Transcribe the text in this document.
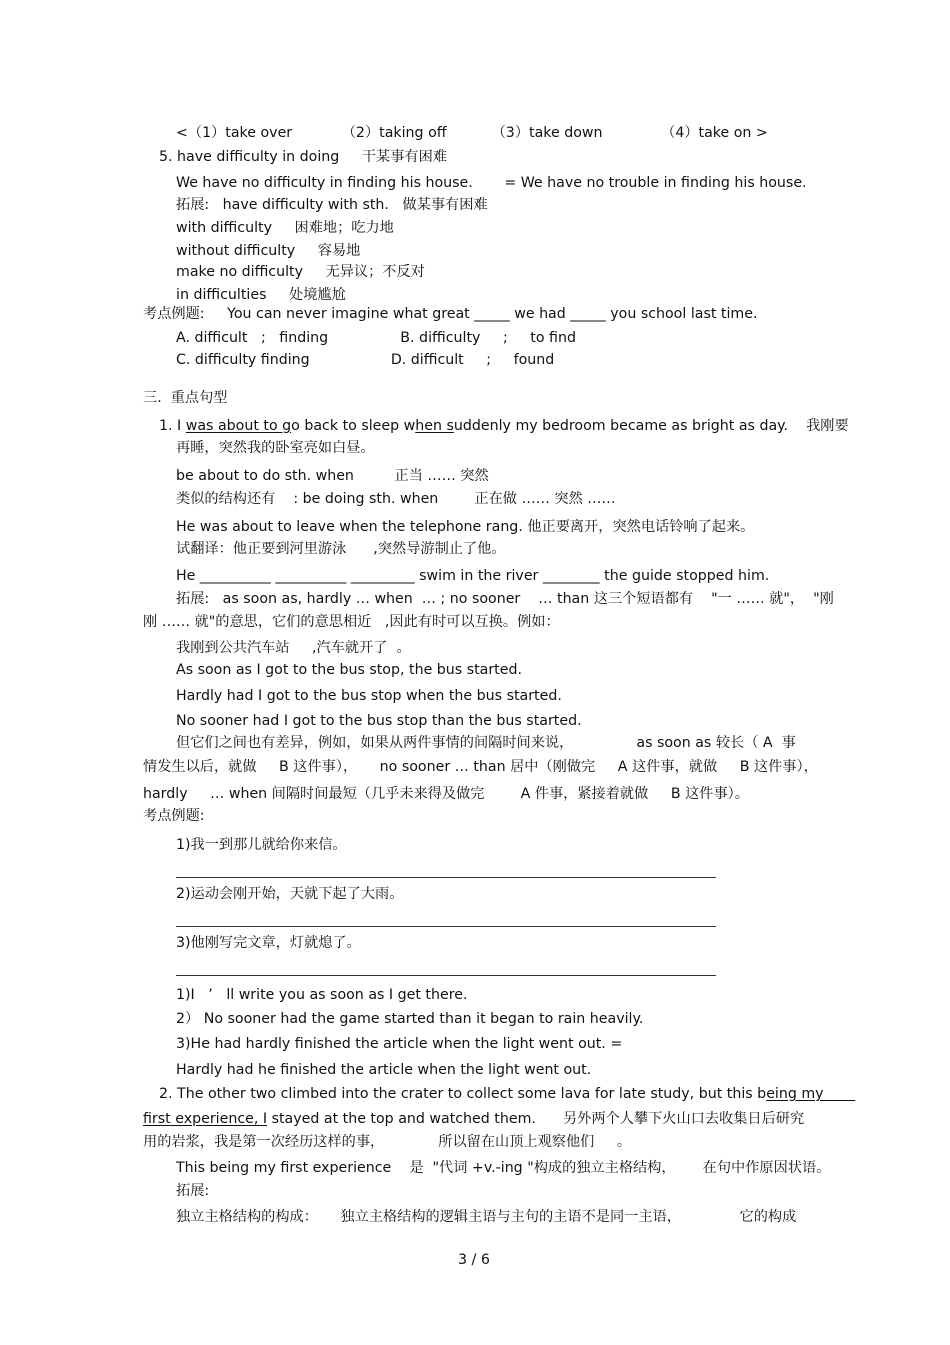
<（1）take over           （2）taking off          （3）take down             （4）take on >
5. have difficulty in doing     干某事有困难
We have no difficulty in finding his house.       = We have no trouble in finding his house.
拓展:   have difficulty with sth.   做某事有困难
with difficulty     困难地；吃力地
without difficulty     容易地
make no difficulty     无异议；不反对
in difficulties     处境尴尬
考点例题:     You can never imagine what great _____ we had _____ you school last time.
A. difficult   ;   finding                B. difficulty     ;     to find
C. difficulty finding                  D. difficult     ;     found
三.  重点句型
1. I was about to go back to sleep when suddenly my bedroom became as bright as day.    我刚要
再睡，突然我的卧室亮如白昼。
be about to do sth. when         正当 …… 突然
类似的结构还有    : be doing sth. when        正在做 …… 突然 ……
He was about to leave when the telephone rang. 他正要离开，突然电话铃响了起来。
试翻译：他正要到河里游泳      ,突然导游制止了他。
He __________ __________ _________ swim in the river ________ the guide stopped him.
拓展:   as soon as, hardly … when  … ; no sooner    … than 这三个短语都有    "一 …… 就"，  "刚
刚 …… 就"的意思，它们的意思相近   ,因此有时可以互换。例如：
我刚到公共汽车站     ,汽车就开了  。
As soon as I got to the bus stop, the bus started.
Hardly had I got to the bus stop when the bus started.
No sooner had I got to the bus stop than the bus started.
但它们之间也有差异，例如，如果从两件事情的间隔时间来说，              as soon as 较长（ A  事
情发生以后，就做     B 这件事），     no sooner … than 居中（刚做完     A 这件事，就做     B 这件事），
hardly     … when 间隔时间最短（几乎未来得及做完        A 件事，紧接着就做     B 这件事）。
考点例题:
1)我一到那儿就给你来信。
2)运动会刚开始，天就下起了大雨。
3)他刚写完文章，灯就熄了。
1)I   ’   ll write you as soon as I get there.
2） No sooner had the game started than it began to rain heavily.
3)He had hardly finished the article when the light went out. =
Hardly had he finished the article when the light went out.
2. The other two climbed into the crater to collect some lava for late study, but this being my
first experience, I stayed at the top and watched them.      另外两个人攀下火山口去收集日后研究
用的岩浆，我是第一次经历这样的事，            所以留在山顶上观察他们     。
This being my first experience    是  "代词 +v.-ing "构成的独立主格结构，      在句中作原因状语。
拓展:
独立主格结构的构成：     独立主格结构的逻辑主语与主句的主语不是同一主语，             它的构成
3 / 6
